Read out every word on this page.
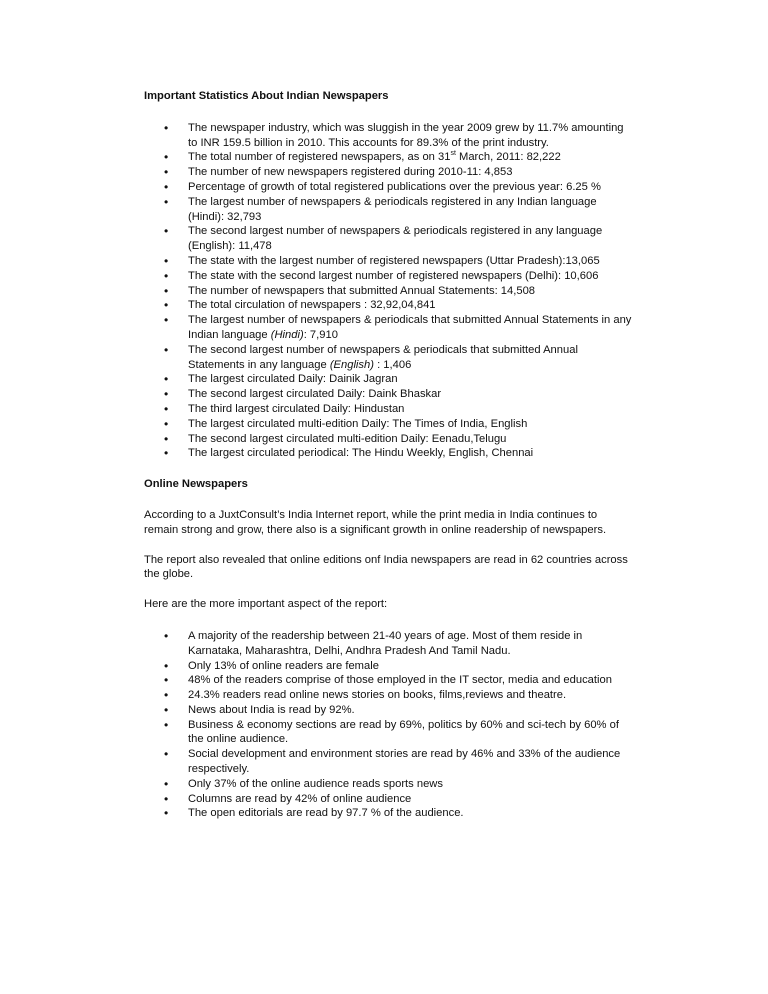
Important Statistics About Indian Newspapers
• The newspaper industry, which was sluggish in the year 2009 grew by 11.7% amounting to INR 159.5 billion in 2010. This accounts for 89.3% of the print industry.
• The total number of registered newspapers, as on 31st March, 2011: 82,222
• The number of new newspapers registered during 2010-11: 4,853
• Percentage of growth of total registered publications over the previous year: 6.25 %
• The largest number of newspapers & periodicals registered in any Indian language (Hindi): 32,793
• The second largest number of newspapers & periodicals registered in any language (English): 11,478
• The state with the largest number of registered newspapers (Uttar Pradesh):13,065
• The state with the second largest number of registered newspapers (Delhi): 10,606
• The number of newspapers that submitted Annual Statements: 14,508
• The total circulation of newspapers : 32,92,04,841
• The largest number of newspapers & periodicals that submitted Annual Statements in any Indian language (Hindi): 7,910
• The second largest number of newspapers & periodicals that submitted Annual Statements in any language (English) : 1,406
• The largest circulated Daily: Dainik Jagran
• The second largest circulated Daily: Daink Bhaskar
• The third largest circulated Daily: Hindustan
• The largest circulated multi-edition Daily: The Times of India, English
• The second largest circulated multi-edition Daily: Eenadu,Telugu
• The largest circulated periodical: The Hindu Weekly, English, Chennai
Online Newspapers

According to a JuxtConsult’s India Internet report, while the print media in India continues to remain strong and grow, there also is a significant growth in online readership of newspapers.

The report also revealed that online editions onf India newspapers are read in 62 countries across the globe.

Here are the more important aspect of the report:

• A majority of the readership between 21-40 years of age. Most of them reside in Karnataka, Maharashtra, Delhi, Andhra Pradesh And Tamil Nadu.
• Only 13% of online readers are female
• 48% of the readers comprise of those employed in the IT sector, media and education
• 24.3% readers read online news stories on books, films,reviews and theatre.
• News about India is read by 92%.
• Business & economy sections are read by 69%, politics by 60% and sci-tech by 60% of the online audience.
• Social development and environment stories are read by 46% and 33% of the audience respectively.
• Only 37% of the online audience reads sports news
• Columns are read by 42% of online audience
• The open editorials are read by 97.7 % of the audience.
